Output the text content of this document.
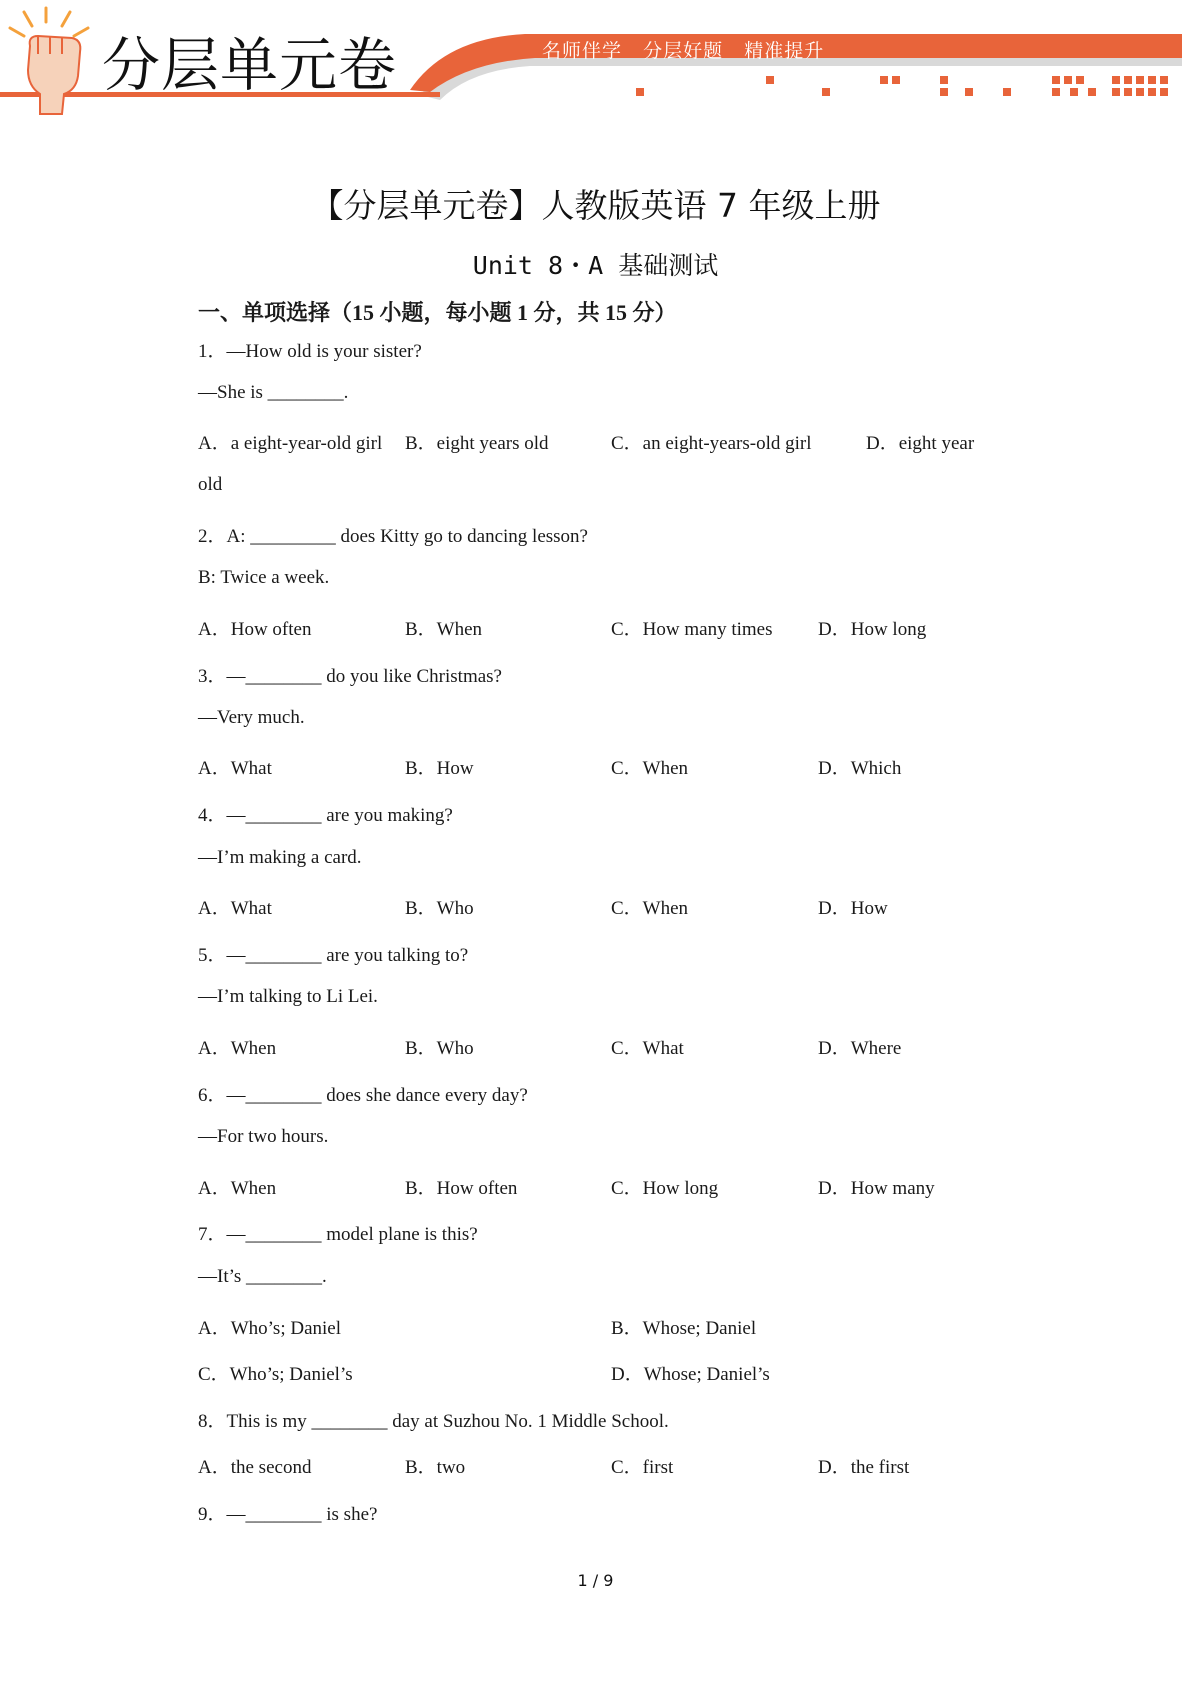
分层单元卷	名师伴学   分层好题   精准提升
【分层单元卷】人教版英语 7 年级上册
Unit 8・A 基础测试
一、单项选择（15 小题，每小题 1 分，共 15 分）
1．—How old is your sister?
—She is ________.
A．a eight-year-old girl B．eight years old	C．an eight-years-old girl	D．eight year
old
2．A: _________ does Kitty go to dancing lesson?
B: Twice a week.
A．How often	B．When	C．How many times D．How long
3．—________ do you like Christmas?
—Very much.
A．What	B．How	C．When	D．Which
4．—________ are you making?
—I’m making a card.
A．What	B．Who	C．When	D．How
5．—________ are you talking to?
—I’m talking to Li Lei.
A．When	B．Who	C．What	D．Where
6．—________ does she dance every day?
—For two hours.
A．When	B．How often	C．How long	D．How many
7．—________ model plane is this?
—It’s ________.
A．Who’s; Daniel	B．Whose; Daniel
C．Who’s; Daniel’s	D．Whose; Daniel’s
8．This is my ________ day at Suzhou No. 1 Middle School.
A．the second	B．two	C．first	D．the first
9．—________ is she?
1 / 9
